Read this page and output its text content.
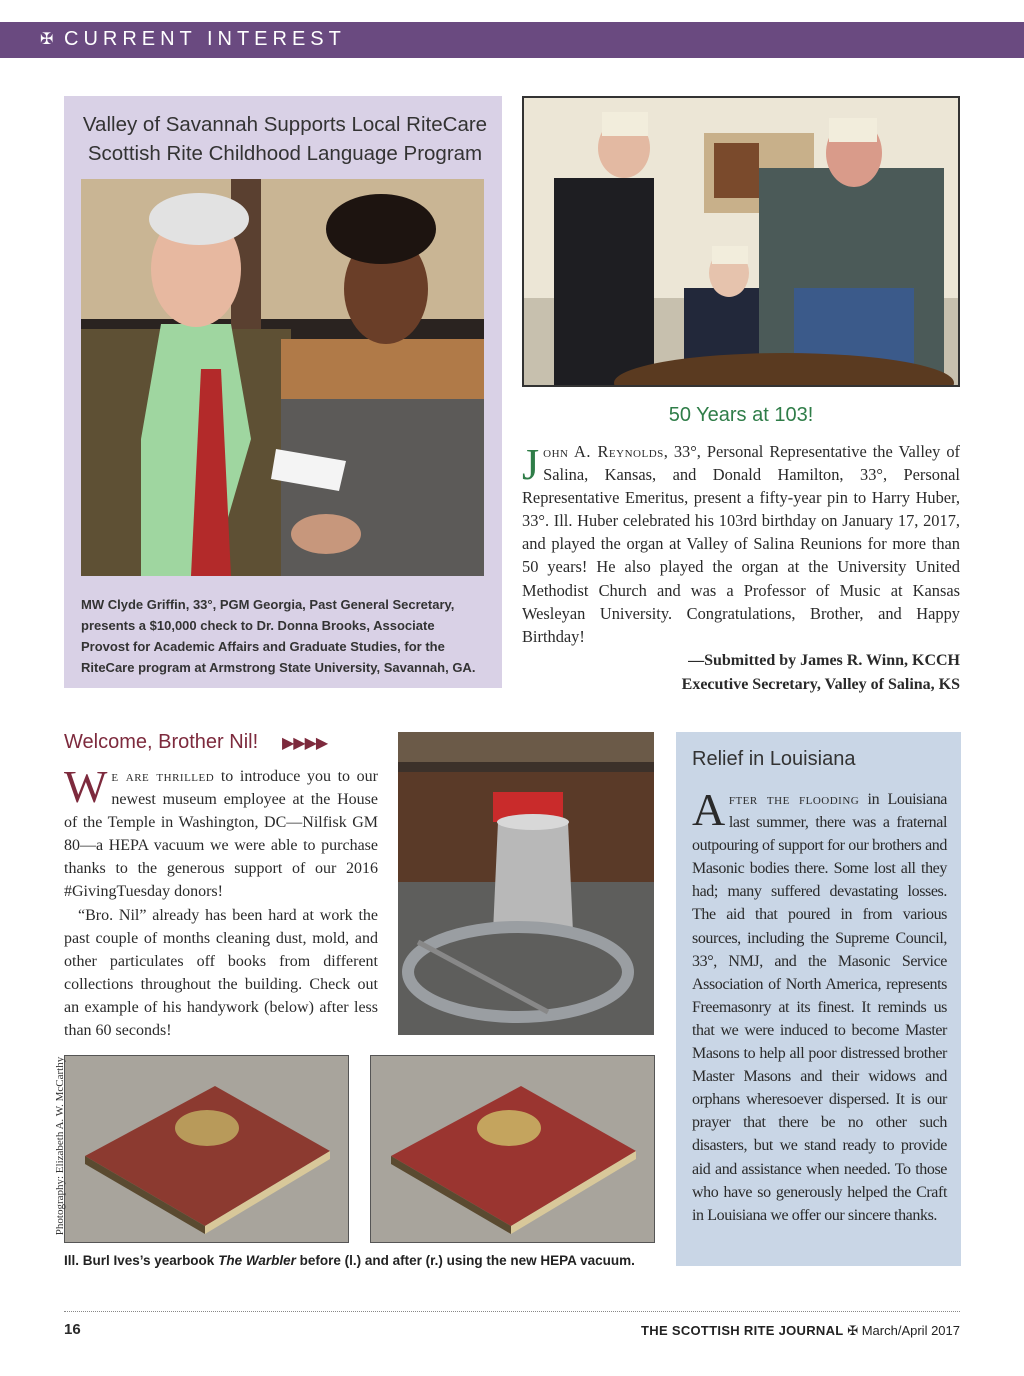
✠ CURRENT INTEREST
Valley of Savannah Supports Local RiteCare Scottish Rite Childhood Language Program
MW Clyde Griffin, 33°, PGM Georgia, Past General Secretary, presents a $10,000 check to Dr. Donna Brooks, Associate Provost for Academic Affairs and Graduate Studies, for the RiteCare program at Armstrong State University, Savannah, GA.
50 Years at 103!
John A. Reynolds, 33°, Personal Representative the Valley of Salina, Kansas, and Donald Hamilton, 33°, Personal Representative Emeritus, present a fifty-year pin to Harry Huber, 33°. Ill. Huber celebrated his 103rd birthday on January 17, 2017, and played the organ at Valley of Salina Reunions for more than 50 years! He also played the organ at the University United Methodist Church and was a Professor of Music at Kansas Wesleyan University. Congratulations, Brother, and Happy Birthday!
—Submitted by James R. Winn, KCCH
Executive Secretary, Valley of Salina, KS
Welcome, Brother Nil! ▶▶▶▶
We are thrilled to introduce you to our newest museum employee at the House of the Temple in Washington, DC—Nilfisk GM 80—a HEPA vacuum we were able to purchase thanks to the generous support of our 2016 #GivingTuesday donors!
“Bro. Nil” already has been hard at work the past couple of months cleaning dust, mold, and other particulates off books from different collections throughout the building. Check out an example of his handywork (below) after less than 60 seconds!
Relief in Louisiana
After the flooding in Louisiana last summer, there was a fraternal outpouring of support for our brothers and Masonic bodies there. Some lost all they had; many suffered devastating losses. The aid that poured in from various sources, including the Supreme Council, 33°, NMJ, and the Masonic Service Association of North America, represents Freemasonry at its finest. It reminds us that we were induced to become Master Masons to help all poor distressed brother Master Masons and their widows and orphans wheresoever dispersed. It is our prayer that there be no other such disasters, but we stand ready to provide aid and assistance when needed. To those who have so generously helped the Craft in Louisiana we offer our sincere thanks.
Ill. Burl Ives’s yearbook The Warbler before (l.) and after (r.) using the new HEPA vacuum.
Photography: Elizabeth A. W. McCarthy
16	THE SCOTTISH RITE JOURNAL ✠ March/April 2017
